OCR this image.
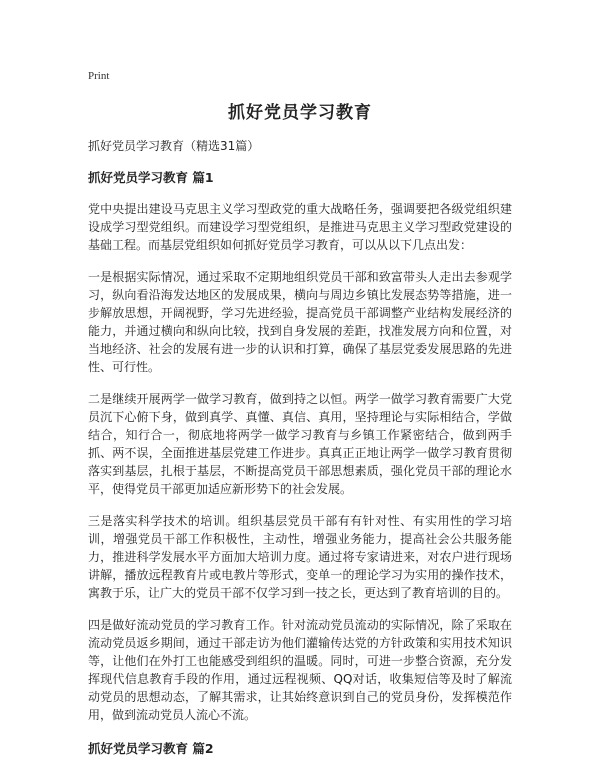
Print
抓好党员学习教育
抓好党员学习教育（精选31篇）
抓好党员学习教育 篇1

党中央提出建设马克思主义学习型政党的重大战略任务，强调要把各级党组织建设成学习型党组织。而建设学习型党组织，是推进马克思主义学习型政党建设的基础工程。而基层党组织如何抓好党员学习教育，可以从以下几点出发：

一是根据实际情况，通过采取不定期地组织党员干部和致富带头人走出去参观学习，纵向看沿海发达地区的发展成果，横向与周边乡镇比发展态势等措施，进一步解放思想，开阔视野，学习先进经验，提高党员干部调整产业结构发展经济的能力，并通过横向和纵向比较，找到自身发展的差距，找准发展方向和位置，对当地经济、社会的发展有进一步的认识和打算，确保了基层党委发展思路的先进性、可行性。

二是继续开展两学一做学习教育，做到持之以恒。两学一做学习教育需要广大党员沉下心俯下身，做到真学、真懂、真信、真用，坚持理论与实际相结合，学做结合，知行合一，彻底地将两学一做学习教育与乡镇工作紧密结合，做到两手抓、两不误，全面推进基层党建工作进步。真真正正地让两学一做学习教育贯彻落实到基层，扎根于基层，不断提高党员干部思想素质，强化党员干部的理论水平，使得党员干部更加适应新形势下的社会发展。

三是落实科学技术的培训。组织基层党员干部有有针对性、有实用性的学习培训，增强党员干部工作积极性，主动性，增强业务能力，提高社会公共服务能力，推进科学发展水平方面加大培训力度。通过将专家请进来，对农户进行现场讲解，播放远程教育片或电教片等形式，变单一的理论学习为实用的操作技术，寓教于乐，让广大的党员干部不仅学习到一技之长，更达到了教育培训的目的。

四是做好流动党员的学习教育工作。针对流动党员流动的实际情况，除了采取在流动党员返乡期间，通过干部走访为他们灌输传达党的方针政策和实用技术知识等，让他们在外打工也能感受到组织的温暖。同时，可进一步整合资源，充分发挥现代信息教育手段的作用，通过远程视频、QQ对话，收集短信等及时了解流动党员的思想动态，了解其需求，让其始终意识到自己的党员身份，发挥模范作用，做到流动党员人流心不流。

抓好党员学习教育 篇2
